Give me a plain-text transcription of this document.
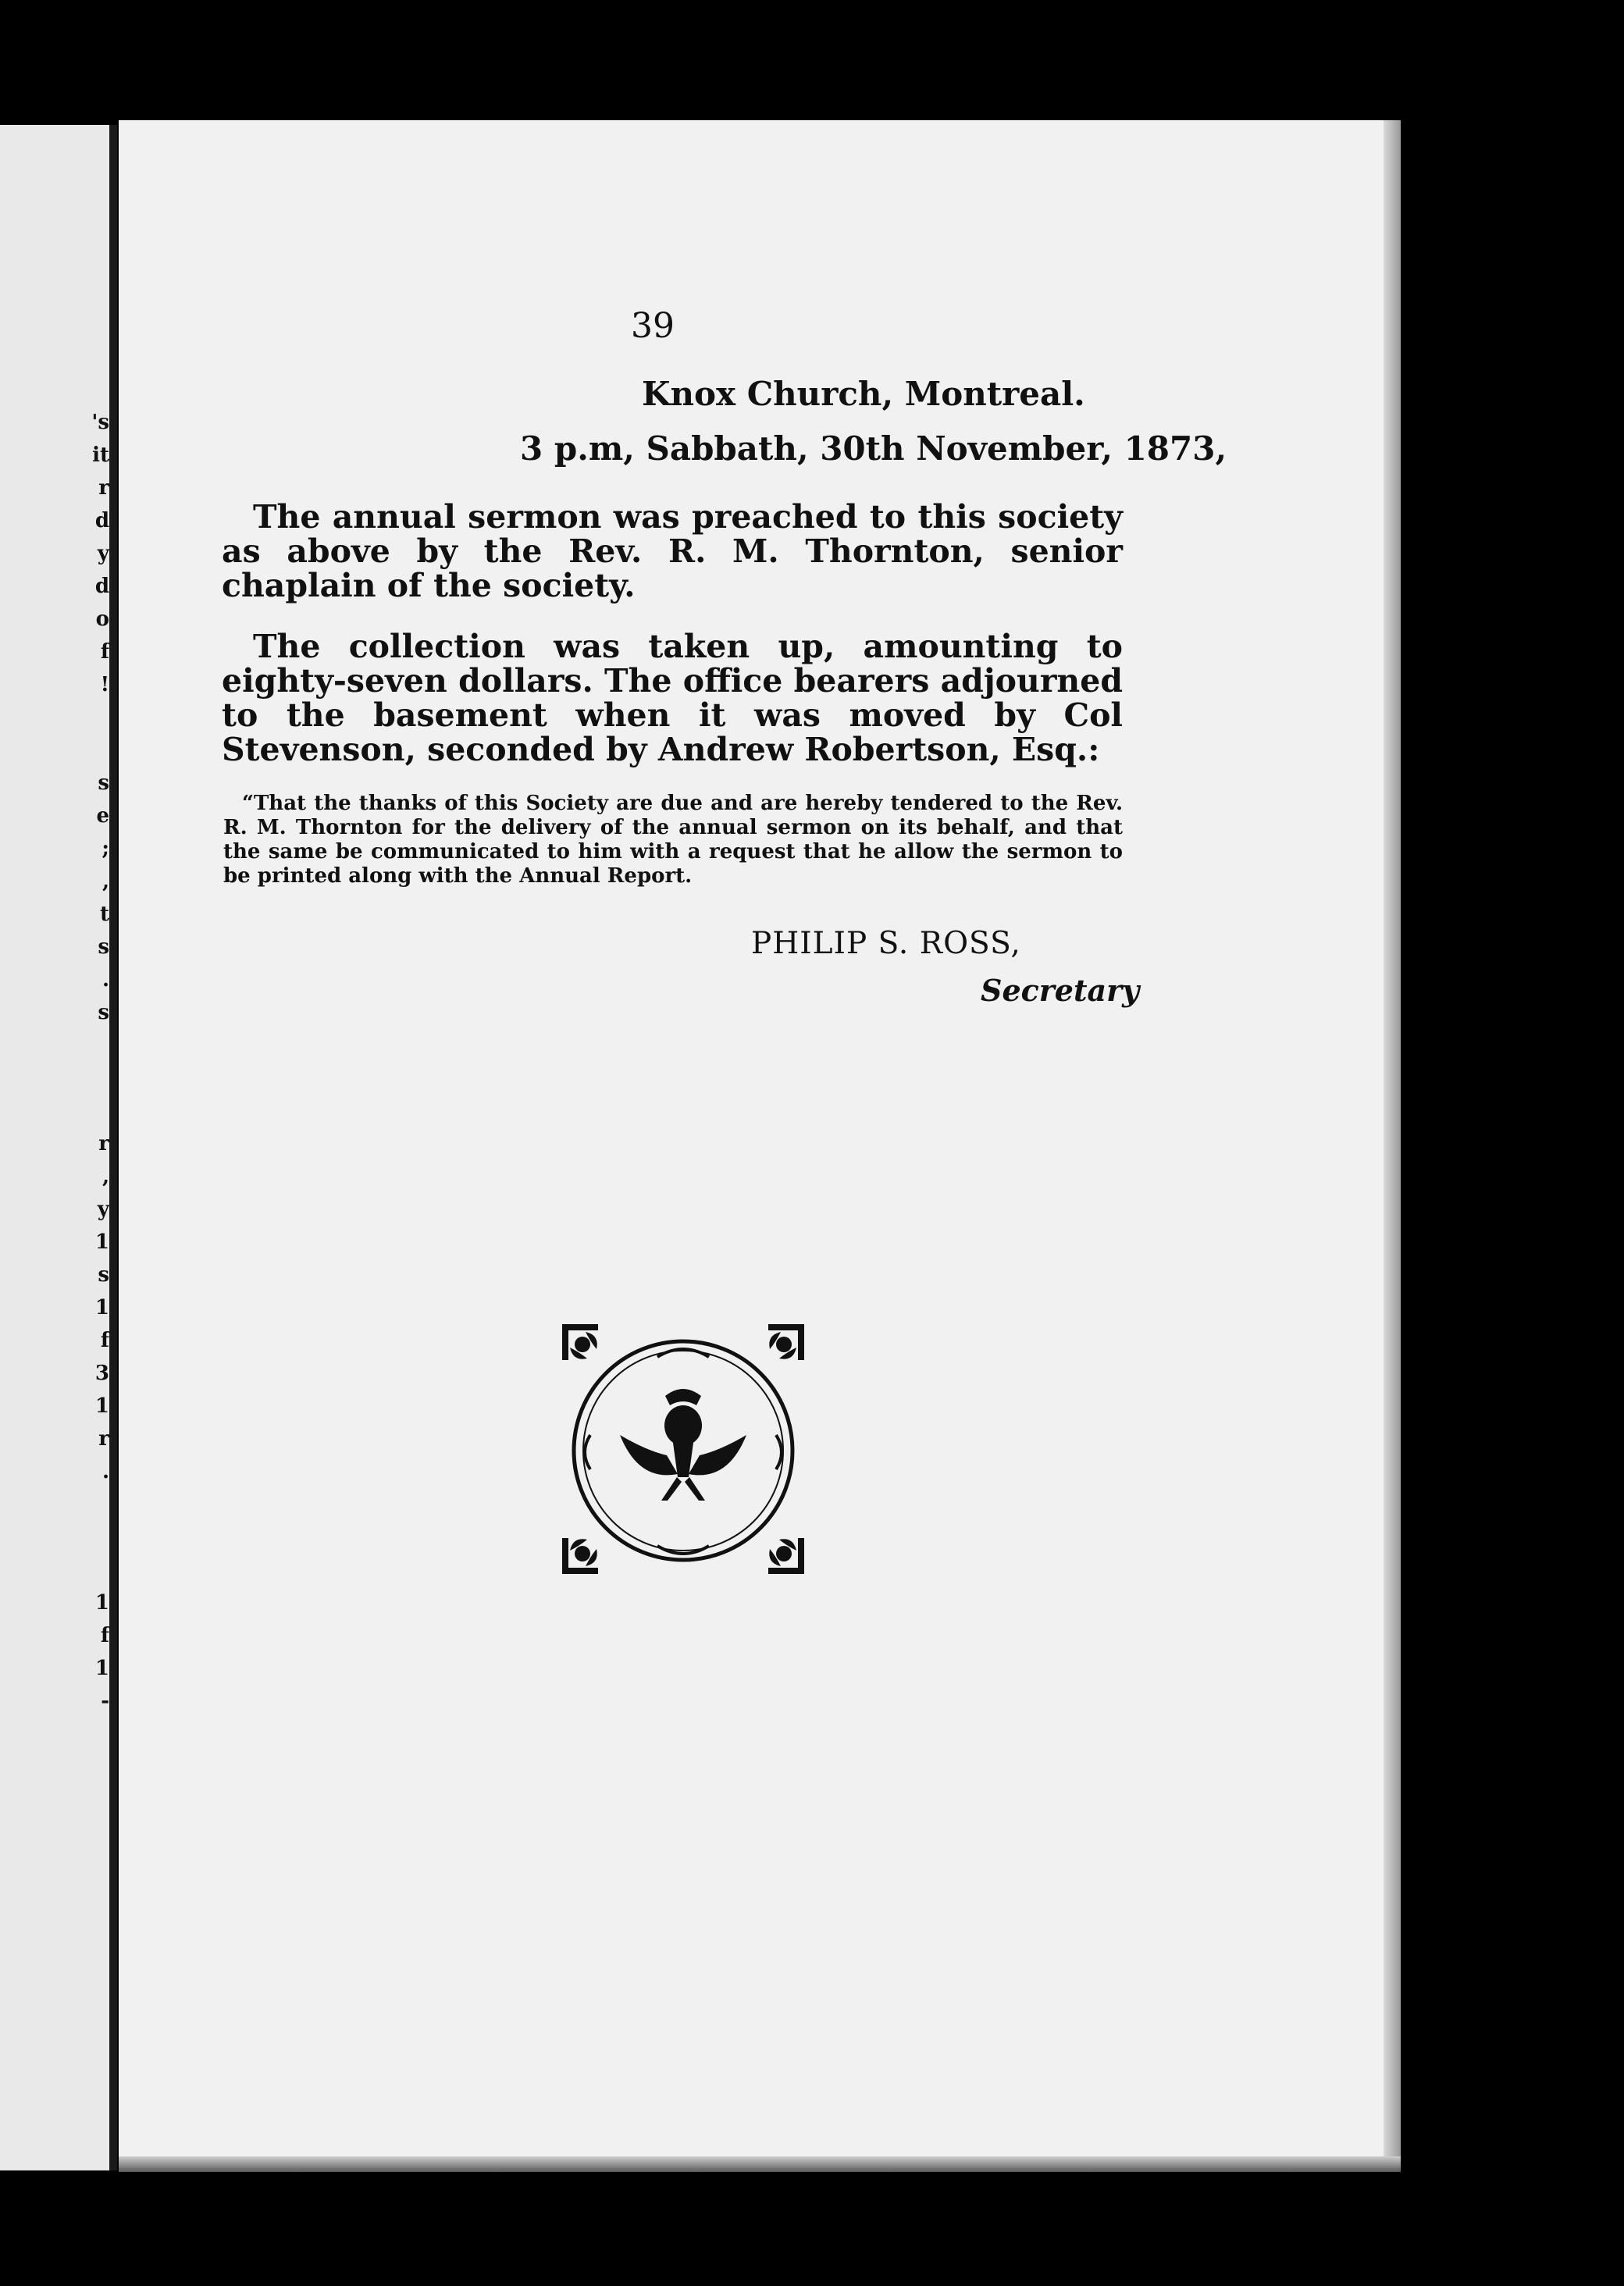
's
it
r
d
y
d
o
f
!
s
e
;
,
t
s
.
s
r
,
y
1
s
1
f
3
1
r
.
1
f
1
-
39
Knox Church, Montreal.
3 p.m, Sabbath, 30th November, 1873,
The annual sermon was preached to this society as above by the Rev. R. M. Thornton, senior chaplain of the society.
The collection was taken up, amounting to eighty-seven dollars. The office bearers adjourned to the basement when it was moved by Col Stevenson, seconded by Andrew Robertson, Esq.:
“That the thanks of this Society are due and are hereby tendered to the Rev. R. M. Thornton for the delivery of the annual sermon on its behalf, and that the same be communicated to him with a request that he allow the sermon to be printed along with the Annual Report.
PHILIP S. ROSS,
Secretary
